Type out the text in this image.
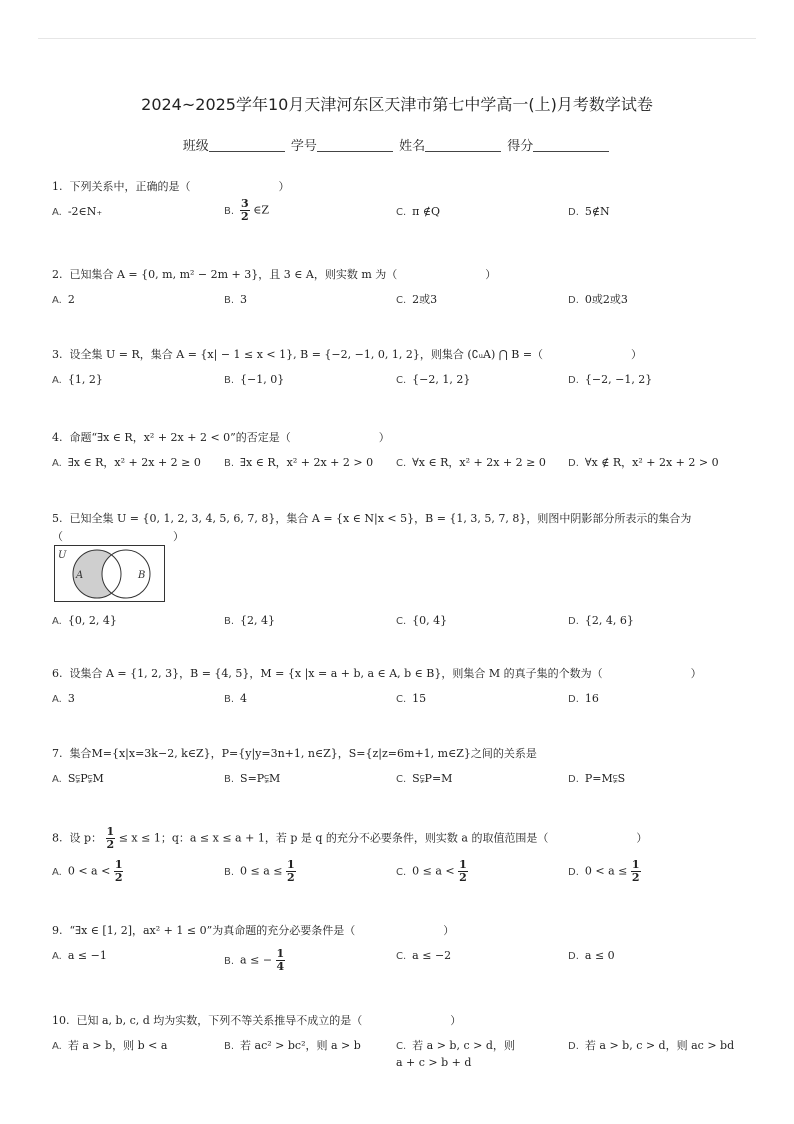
2024~2025学年10月天津河东区天津市第七中学高一(上)月考数学试卷
班级	学号	姓名	得分
1. 下列关系中，正确的是（　　　　　　　　）
A. -2∈N₊	B. $\frac{3}{2}$ ∈Z	C. π ∉Q	D. 5∉N
2. 已知集合 A = {0, m, m² − 2m + 3}，且 3 ∈ A，则实数 m 为（　　　　　　　　）
A. 2	B. 3	C. 2或3	D. 0或2或3
3. 设全集 U = R，集合 A = {x| − 1 ≤ x < 1}, B = {−2, −1, 0, 1, 2}，则集合 (∁ᵤA) ⋂ B =（　　　　　　　　）
A. {1, 2}	B. {−1, 0}	C. {−2, 1, 2}	D. {−2, −1, 2}
4. 命题“∃x ∈ R，x² + 2x + 2 < 0”的否定是（　　　　　　　　）
A. ∃x ∈ R，x² + 2x + 2 ≥ 0 B. ∃x ∈ R，x² + 2x + 2 > 0 C. ∀x ∈ R，x² + 2x + 2 ≥ 0 D. ∀x ∉ R，x² + 2x + 2 > 0
5. 已知全集 U = {0, 1, 2, 3, 4, 5, 6, 7, 8}，集合 A = {x ∈ N|x < 5}，B = {1, 3, 5, 7, 8}，则图中阴影部分所表示的集合为
（　　　　　　　　　　）
U
A	B
A. {0, 2, 4}	B. {2, 4}	C. {0, 4}	D. {2, 4, 6}
6. 设集合 A = {1, 2, 3}，B = {4, 5}，M = {x |x = a + b, a ∈ A, b ∈ B}，则集合 M 的真子集的个数为（　　　　　　　　）
A. 3	B. 4	C. 15	D. 16
7. 集合M={x|x=3k−2, k∈Z}，P={y|y=3n+1, n∈Z}，S={z|z=6m+1, m∈Z}之间的关系是
A. S⫋P⫋M	B. S=P⫋M	C. S⫋P=M	D. P=M⫋S
8. 设 p： $\frac{1}{2} \le x \le 1$；q：a ≤ x ≤ a + 1，若 p 是 q 的充分不必要条件，则实数 a 的取值范围是（　　　　　　　　）
A. $0 < a < \frac{1}{2}$	B. $0 \le a \le \frac{1}{2}$	C. $0 \le a < \frac{1}{2}$	D. $0 < a \le \frac{1}{2}$
9. “∃x ∈ [1, 2]，ax² + 1 ≤ 0”为真命题的充分必要条件是（　　　　　　　　）
A. a ≤ −1	B. a ≤ − $\frac{1}{4}$	C. a ≤ −2	D. a ≤ 0
10. 已知 a, b, c, d 均为实数，下列不等关系推导不成立的是（　　　　　　　　）
A. 若 a > b，则 b < a	B. 若 ac² > bc²，则 a > b	C. 若 a > b, c > d，则
a + c > b + d
D. 若 a > b, c > d，则 ac > bd
